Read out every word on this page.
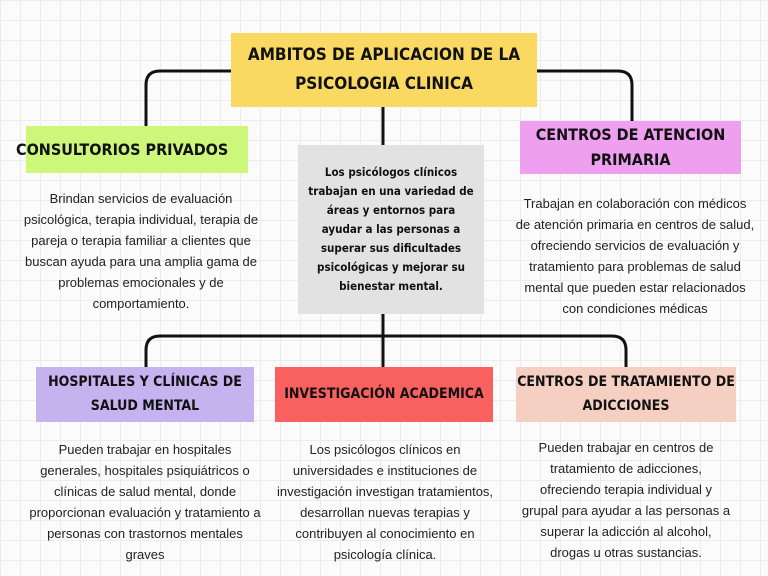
AMBITOS DE APLICACION DE LA PSICOLOGIA CLINICA
CONSULTORIOS PRIVADOS
CENTROS DE ATENCION PRIMARIA
Los psicólogos clínicos trabajan en una variedad de áreas y entornos para ayudar a las personas a superar sus dificultades psicológicas y mejorar su bienestar mental.
Brindan servicios de evaluación psicológica, terapia individual, terapia de pareja o terapia familiar a clientes que buscan ayuda para una amplia gama de problemas emocionales y de comportamiento.
Trabajan en colaboración con médicos de atención primaria en centros de salud, ofreciendo servicios de evaluación y tratamiento para problemas de salud mental que pueden estar relacionados con condiciones médicas
HOSPITALES Y CLÍNICAS DE SALUD MENTAL
INVESTIGACIÓN ACADEMICA
CENTROS DE TRATAMIENTO DE ADICCIONES
Pueden trabajar en hospitales generales, hospitales psiquiátricos o clínicas de salud mental, donde proporcionan evaluación y tratamiento a personas con trastornos mentales graves
Los psicólogos clínicos en universidades e instituciones de investigación investigan tratamientos, desarrollan nuevas terapias y contribuyen al conocimiento en psicología clínica.
Pueden trabajar en centros de tratamiento de adicciones, ofreciendo terapia individual y grupal para ayudar a las personas a superar la adicción al alcohol, drogas u otras sustancias.
